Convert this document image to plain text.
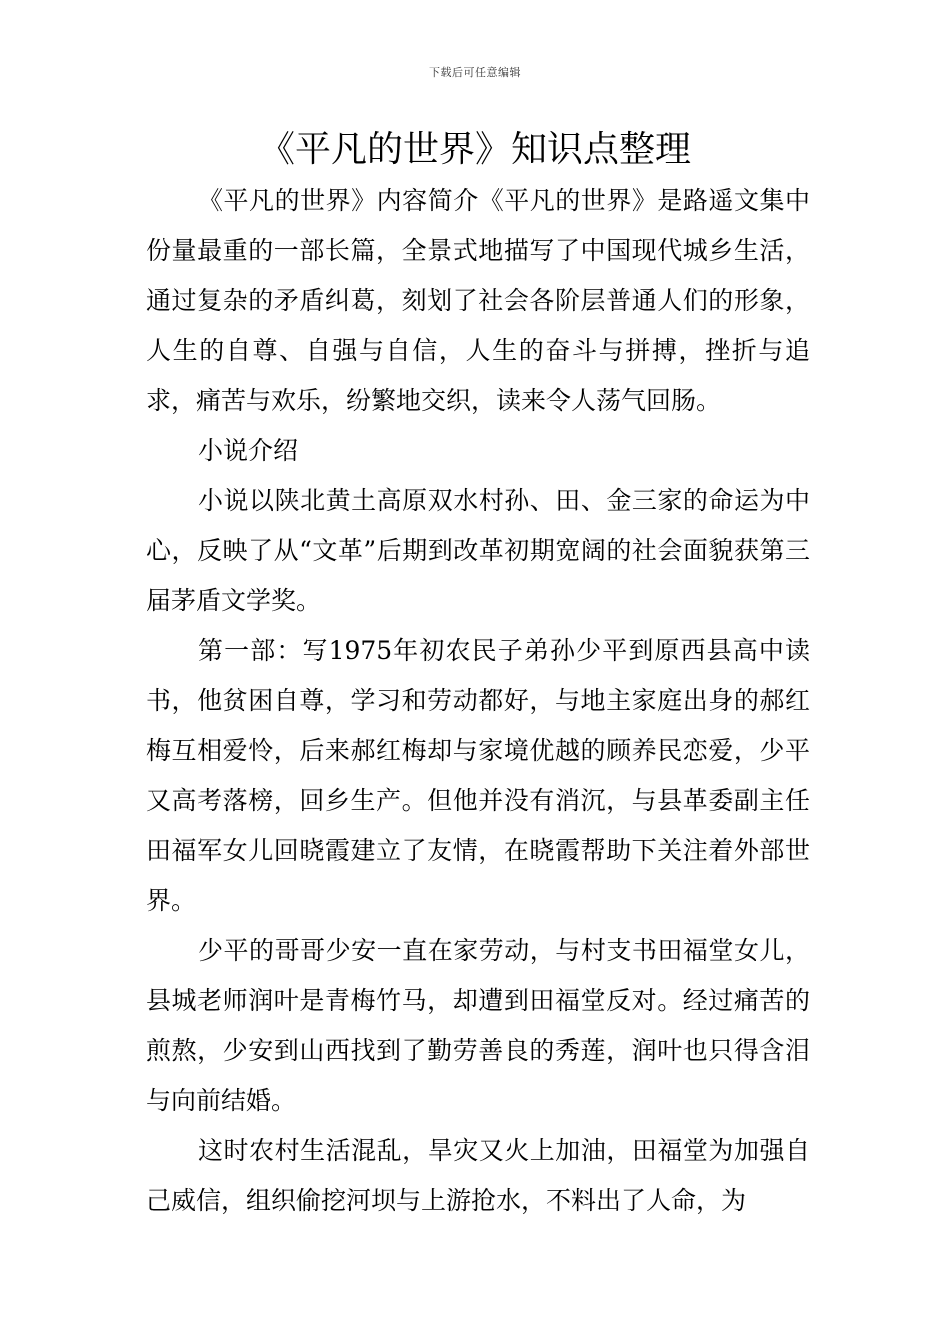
下载后可任意编辑
《平凡的世界》知识点整理

《平凡的世界》内容简介《平凡的世界》是路遥文集中份量最重的一部长篇，全景式地描写了中国现代城乡生活，通过复杂的矛盾纠葛，刻划了社会各阶层普通人们的形象，人生的自尊、自强与自信，人生的奋斗与拼搏，挫折与追求，痛苦与欢乐，纷繁地交织，读来令人荡气回肠。

小说介绍

小说以陕北黄土高原双水村孙、田、金三家的命运为中心，反映了从“文革”后期到改革初期宽阔的社会面貌获第三届茅盾文学奖。

第一部：写1975年初农民子弟孙少平到原西县高中读书，他贫困自尊，学习和劳动都好，与地主家庭出身的郝红梅互相爱怜，后来郝红梅却与家境优越的顾养民恋爱，少平又高考落榜，回乡生产。但他并没有消沉，与县革委副主任田福军女儿回晓霞建立了友情，在晓霞帮助下关注着外部世界。

少平的哥哥少安一直在家劳动，与村支书田福堂女儿，县城老师润叶是青梅竹马，却遭到田福堂反对。经过痛苦的煎熬，少安到山西找到了勤劳善良的秀莲，润叶也只得含泪与向前结婚。

这时农村生活混乱，旱灾又火上加油，田福堂为加强自己威信，组织偷挖河坝与上游抢水，不料出了人命，为
